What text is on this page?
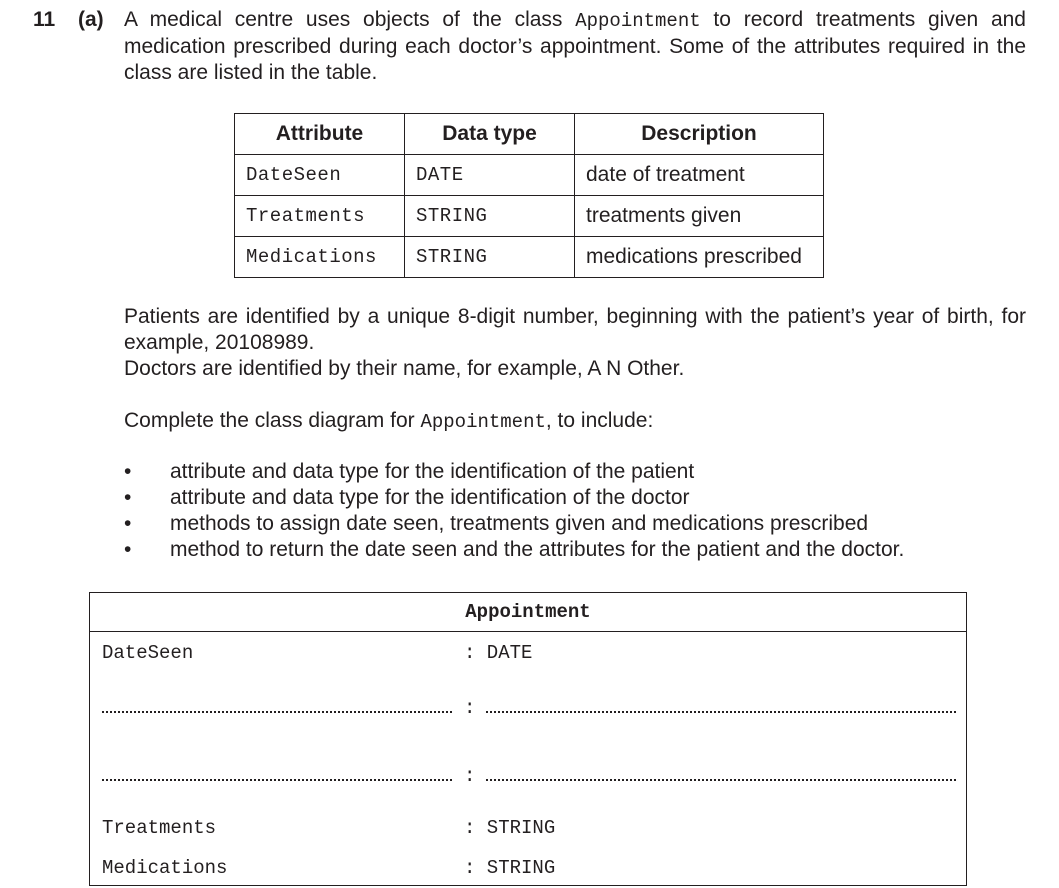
11 (a) A medical centre uses objects of the class Appointment to record treatments given and medication prescribed during each doctor’s appointment. Some of the attributes required in the class are listed in the table.
Attribute	Data type	Description
DateSeen	DATE	date of treatment
Treatments	STRING	treatments given
Medications	STRING	medications prescribed
Patients are identified by a unique 8-digit number, beginning with the patient’s year of birth, for example, 20108989.
Doctors are identified by their name, for example, A N Other.
Complete the class diagram for Appointment, to include:
•	attribute and data type for the identification of the patient
•	attribute and data type for the identification of the doctor
•	methods to assign date seen, treatments given and medications prescribed
•	method to return the date seen and the attributes for the patient and the doctor.
Appointment
DateSeen	: DATE
:
:
Treatments	: STRING
Medications	: STRING
